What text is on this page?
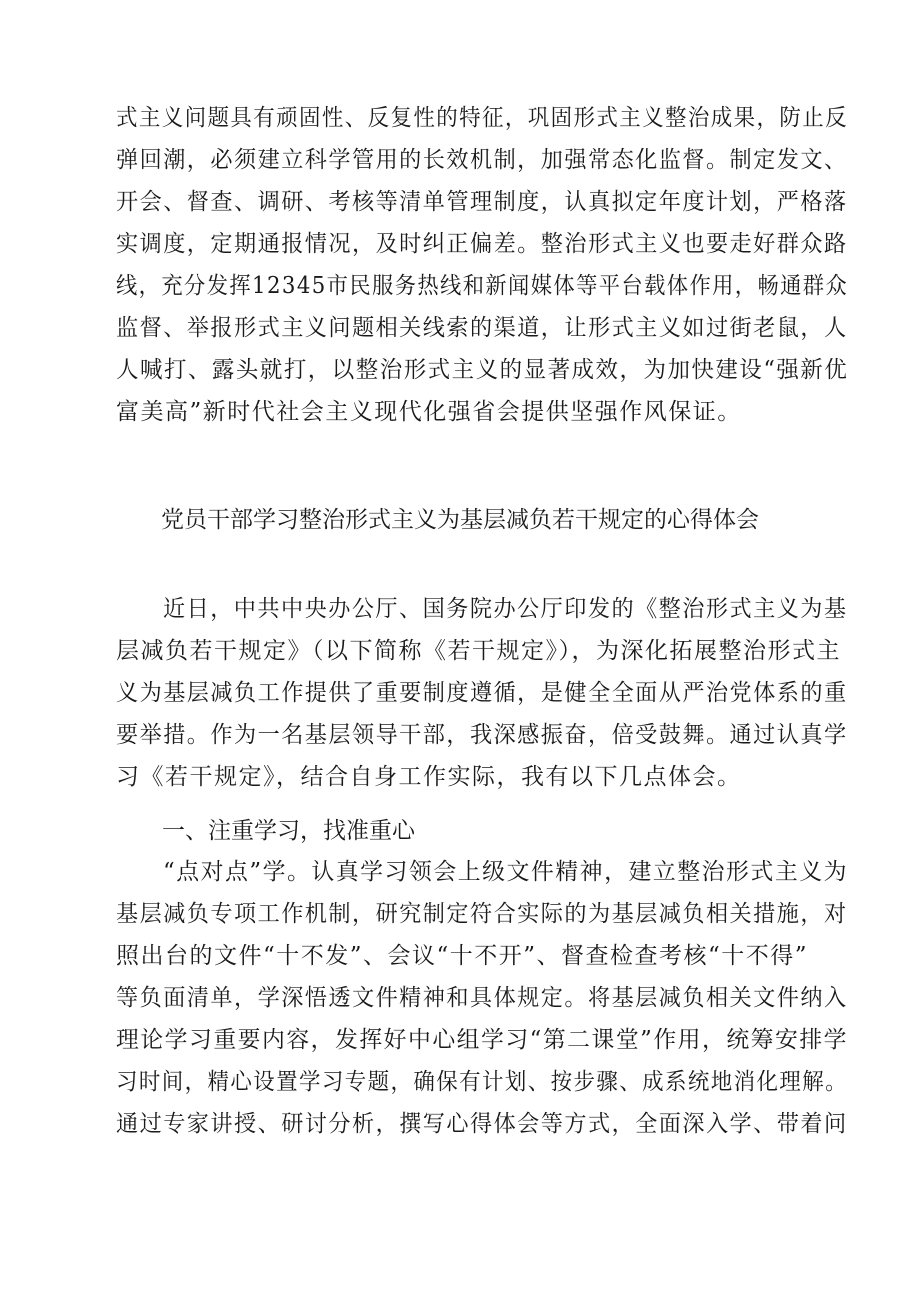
式主义问题具有顽固性、反复性的特征，巩固形式主义整治成果，防止反
弹回潮，必须建立科学管用的长效机制，加强常态化监督。制定发文、
开会、督查、调研、考核等清单管理制度，认真拟定年度计划，严格落
实调度，定期通报情况，及时纠正偏差。整治形式主义也要走好群众路
线，充分发挥12345市民服务热线和新闻媒体等平台载体作用，畅通群众
监督、举报形式主义问题相关线索的渠道，让形式主义如过街老鼠，人
人喊打、露头就打，以整治形式主义的显著成效，为加快建设“强新优
富美高”新时代社会主义现代化强省会提供坚强作风保证。
党员干部学习整治形式主义为基层减负若干规定的心得体会
近日，中共中央办公厅、国务院办公厅印发的《整治形式主义为基
层减负若干规定》（以下简称《若干规定》），为深化拓展整治形式主
义为基层减负工作提供了重要制度遵循，是健全全面从严治党体系的重
要举措。作为一名基层领导干部，我深感振奋，倍受鼓舞。通过认真学
习《若干规定》，结合自身工作实际，我有以下几点体会。
一、注重学习，找准重心
“点对点”学。认真学习领会上级文件精神，建立整治形式主义为
基层减负专项工作机制，研究制定符合实际的为基层减负相关措施，对
照出台的文件“十不发”、会议“十不开”、督查检查考核“十不得”
等负面清单，学深悟透文件精神和具体规定。将基层减负相关文件纳入
理论学习重要内容，发挥好中心组学习“第二课堂”作用，统筹安排学
习时间，精心设置学习专题，确保有计划、按步骤、成系统地消化理解。
通过专家讲授、研讨分析，撰写心得体会等方式，全面深入学、带着问
